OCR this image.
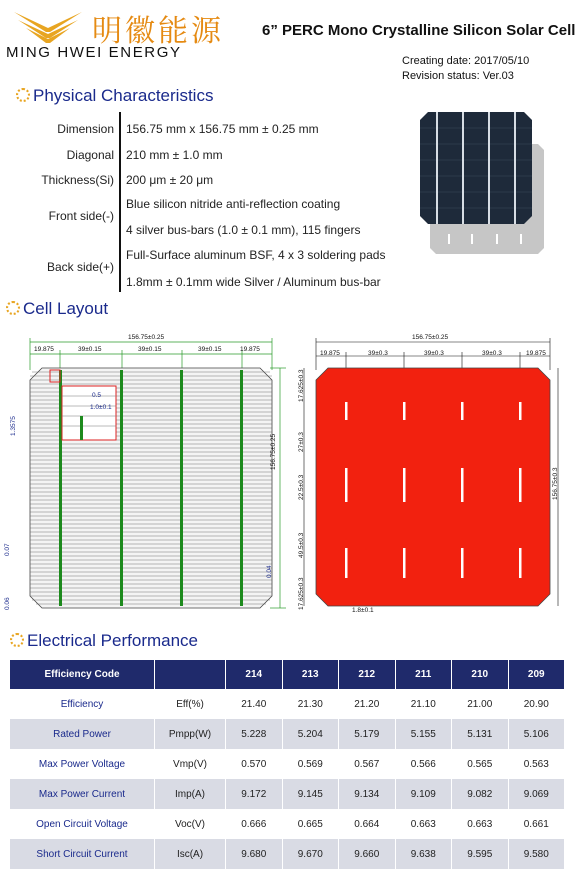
明徽能源
MING HWEI ENERGY
6” PERC Mono Crystalline Silicon Solar Cell
Creating date: 2017/05/10
Revision status: Ver.03
Physical Characteristics
Dimension 156.75 mm x 156.75 mm ± 0.25 mm
Diagonal 210 mm ± 1.0 mm
Thickness(Si) 200 μm ± 20 μm
Front side(-)
Blue silicon nitride anti-reflection coating
4 silver bus-bars (1.0 ± 0.1 mm), 115 fingers
Back side(+)
Full-Surface aluminum BSF, 4 x 3 soldering pads
1.8mm ± 0.1mm wide Silver / Aluminum bus-bar
Cell Layout
156.75±0.25
19.875	39±0.15	39±0.15	39±0.15	19.875
156.75±0.25
1.3575
0.07
0.06
0.04
0.5
1.0±0.1
156.75±0.25
19.875	39±0.3	39±0.3	39±0.3	19.875
156.75±0.3
17.625±0.3
27±0.3
22.5±0.3
49.5±0.3
17.625±0.3
1.8±0.1
Electrical Performance
Efficiency Code		214	213	212	211	210	209
Efficiency	Eff(%)	21.40	21.30	21.20	21.10	21.00	20.90
Rated Power	Pmpp(W)	5.228	5.204	5.179	5.155	5.131	5.106
Max Power Voltage	Vmp(V)	0.570	0.569	0.567	0.566	0.565	0.563
Max Power Current	Imp(A)	9.172	9.145	9.134	9.109	9.082	9.069
Open Circuit Voltage	Voc(V)	0.666	0.665	0.664	0.663	0.663	0.661
Short Circuit Current	Isc(A)	9.680	9.670	9.660	9.638	9.595	9.580
